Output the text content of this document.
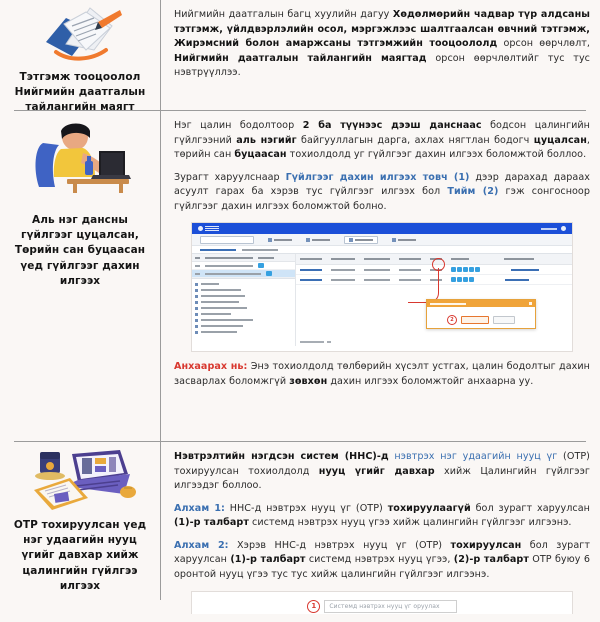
Тэтгэмж тооцоолол
Нийгмийн даатгалын
тайлангийн маягт

Нийгмийн даатгалын багц хуулийн дагуу Хөдөлмөрийн чадвар түр алдсаны тэтгэмж, үйлдвэрлэлийн осол, мэргэжлээс шалтгаалсан өвчний тэтгэмж, Жирэмсний болон амаржсаны тэтгэмжийн тооцоололд орсон өөрчлөлт, Нийгмийн даатгалын тайлангийн маягтад орсон өөрчлөлтийг тус тус нэвтрүүллээ.

Аль нэг дансны
гүйлгээг цуцалсан,
Төрийн сан буцаасан
үед гүйлгээг дахин
илгээх

Нэг цалин бодолтоор 2 ба түүнээс дээш данснаас бодсон цалингийн гүйлгээний аль нэгийг байгууллагын дарга, ахлах нягтлан бодогч цуцалсан, төрийн сан буцаасан тохиолдолд уг гүйлгээг дахин илгээх боломжтой боллоо.

Зурагт харуулснаар Гүйлгээг дахин илгээх товч (1) дээр дарахад дараах асуулт гарах ба хэрэв тус гүйлгээг илгээх бол Тийм (2) гэж сонгосноор гүйлгээг дахин илгээх боломжтой болно.

2

Анхаарах нь: Энэ тохиолдолд төлбөрийн хүсэлт устгах, цалин бодолтыг дахин засварлах боломжгүй зөвхөн дахин илгээх боломжтойг анхаарна уу.

ОТР тохируулсан үед
нэг удаагийн нууц
үгийг давхар хийж
цалингийн гүйлгээ
илгээх

Нэвтрэлтийн нэгдсэн систем (ННС)-д нэвтрэх нэг удаагийн нууц үг (ОТР) тохируулсан тохиолдолд нууц үгийг давхар хийж Цалингийн гүйлгээг илгээдэг боллоо.

Алхам 1: ННС-д нэвтрэх нууц үг (ОТР) тохируулаагүй бол зурагт харуулсан (1)-р талбарт системд нэвтрэх нууц үгээ хийж цалингийн гүйлгээг илгээнэ.

Алхам 2: Хэрэв ННС-д нэвтрэх нууц үг (ОТР) тохируулсан бол зурагт харуулсан (1)-р талбарт системд нэвтрэх нууц үгээ, (2)-р талбарт ОТР буюу 6 оронтой нууц үгээ тус тус хийж цалингийн гүйлгээг илгээнэ.

1	Системд нэвтрэх нууц үг оруулах
